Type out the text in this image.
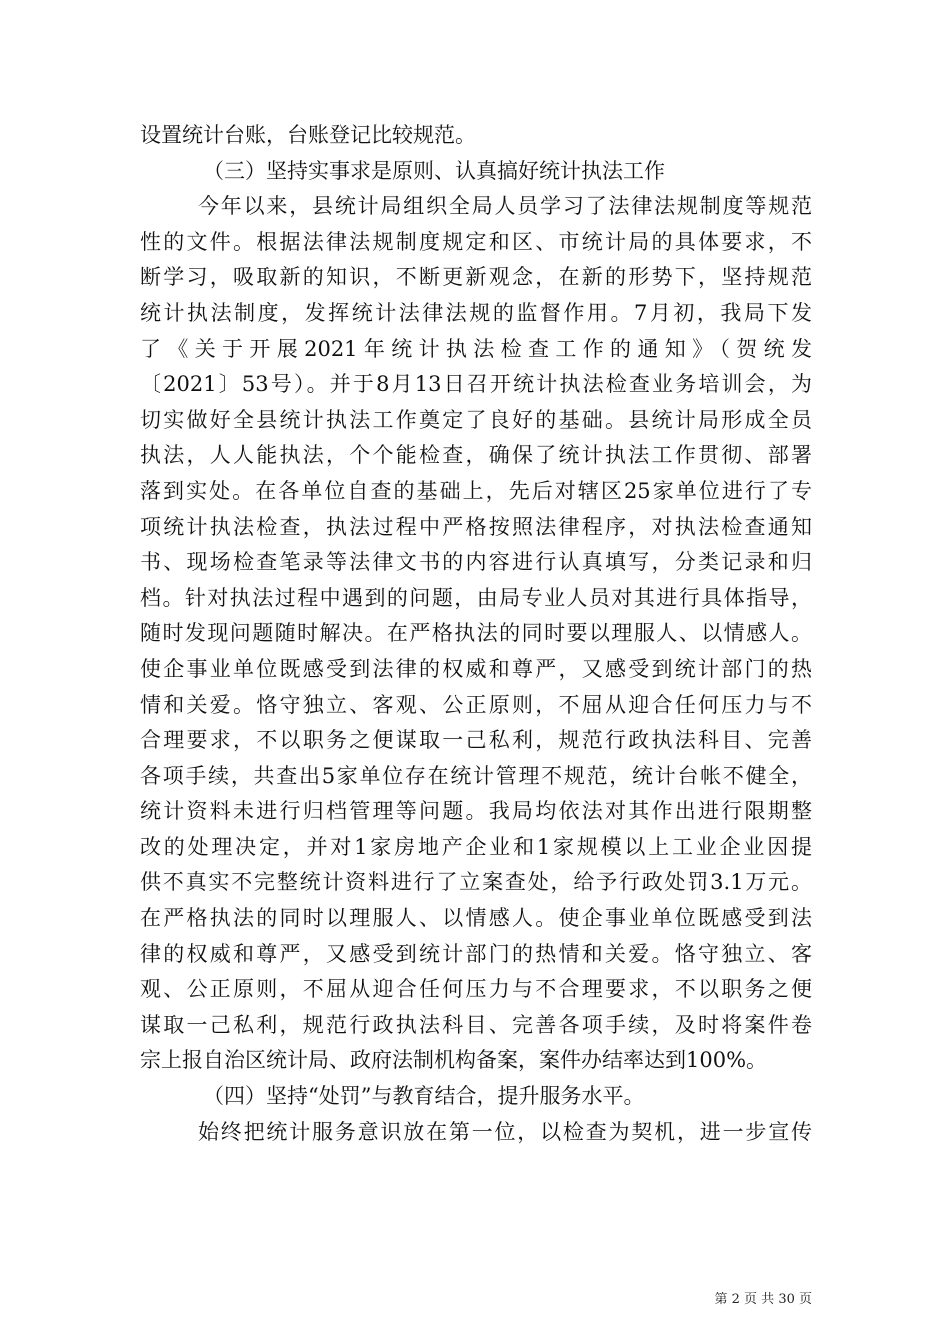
设置统计台账，台账登记比较规范。
（三）坚持实事求是原则、认真搞好统计执法工作
今年以来，县统计局组织全局人员学习了法律法规制度等规范
性的文件。根据法律法规制度规定和区、市统计局的具体要求，不
断学习，吸取新的知识，不断更新观念，在新的形势下，坚持规范
统计执法制度，发挥统计法律法规的监督作用。7月初，我局下发
了《关于开展2021年统计执法检查工作的通知》（贺统发
〔2021〕53号）。并于8月13日召开统计执法检查业务培训会，为
切实做好全县统计执法工作奠定了良好的基础。县统计局形成全员
执法，人人能执法，个个能检查，确保了统计执法工作贯彻、部署
落到实处。在各单位自查的基础上，先后对辖区25家单位进行了专
项统计执法检查，执法过程中严格按照法律程序，对执法检查通知
书、现场检查笔录等法律文书的内容进行认真填写，分类记录和归
档。针对执法过程中遇到的问题，由局专业人员对其进行具体指导，
随时发现问题随时解决。在严格执法的同时要以理服人、以情感人。
使企事业单位既感受到法律的权威和尊严，又感受到统计部门的热
情和关爱。恪守独立、客观、公正原则，不屈从迎合任何压力与不
合理要求，不以职务之便谋取一己私利，规范行政执法科目、完善
各项手续，共查出5家单位存在统计管理不规范，统计台帐不健全，
统计资料未进行归档管理等问题。我局均依法对其作出进行限期整
改的处理决定，并对1家房地产企业和1家规模以上工业企业因提
供不真实不完整统计资料进行了立案查处，给予行政处罚3.1万元。
在严格执法的同时以理服人、以情感人。使企事业单位既感受到法
律的权威和尊严，又感受到统计部门的热情和关爱。恪守独立、客
观、公正原则，不屈从迎合任何压力与不合理要求，不以职务之便
谋取一己私利，规范行政执法科目、完善各项手续，及时将案件卷
宗上报自治区统计局、政府法制机构备案，案件办结率达到100%。
（四）坚持“处罚”与教育结合，提升服务水平。
始终把统计服务意识放在第一位，以检查为契机，进一步宣传
第 2 页 共 30 页
